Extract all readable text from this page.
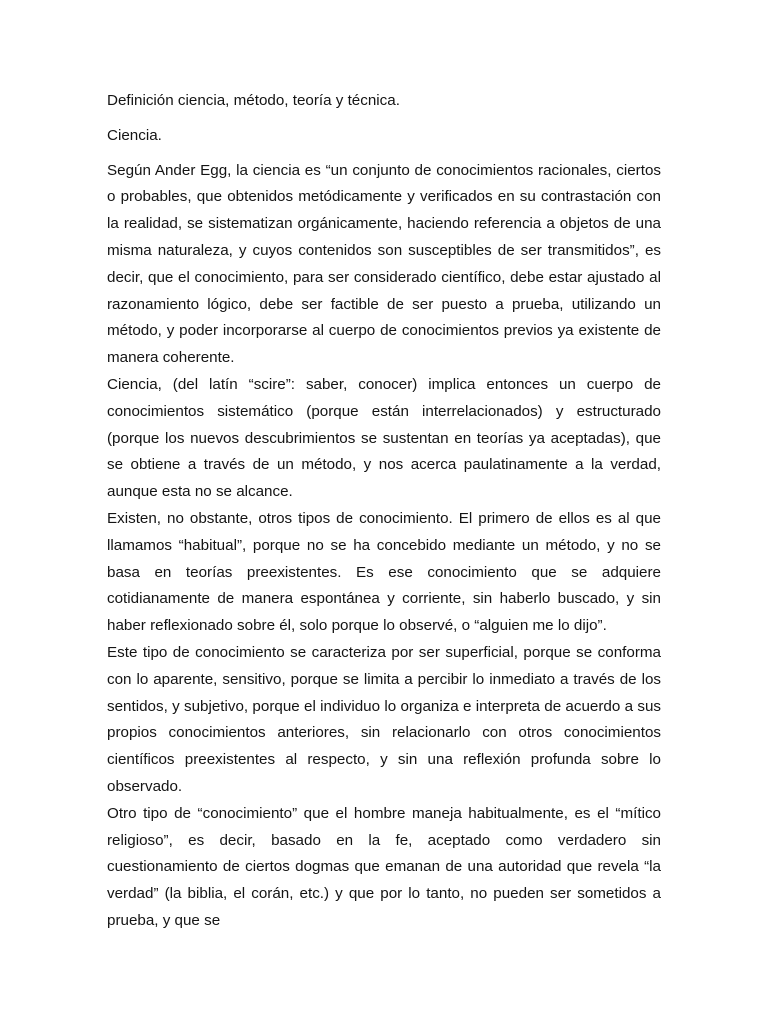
Definición ciencia, método, teoría y técnica.

Ciencia.

Según Ander Egg, la ciencia es “un conjunto de conocimientos racionales, ciertos o probables, que obtenidos metódicamente y verificados en su contrastación con la realidad, se sistematizan orgánicamente, haciendo referencia a objetos de una misma naturaleza, y cuyos contenidos son susceptibles de ser transmitidos”, es decir, que el conocimiento, para ser considerado científico, debe estar ajustado al razonamiento lógico, debe ser factible de ser puesto a prueba, utilizando un método, y poder incorporarse al cuerpo de conocimientos previos ya existente de manera coherente.

Ciencia, (del latín “scire”: saber, conocer) implica entonces un cuerpo de conocimientos sistemático (porque están interrelacionados) y estructurado (porque los nuevos descubrimientos se sustentan en teorías ya aceptadas), que se obtiene a través de un método, y nos acerca paulatinamente a la verdad, aunque esta no se alcance.

Existen, no obstante, otros tipos de conocimiento. El primero de ellos es al que llamamos “habitual”, porque no se ha concebido mediante un método, y no se basa en teorías preexistentes. Es ese conocimiento que se adquiere cotidianamente de manera espontánea y corriente, sin haberlo buscado, y sin haber reflexionado sobre él, solo porque lo observé, o “alguien me lo dijo”.

Este tipo de conocimiento se caracteriza por ser superficial, porque se conforma con lo aparente, sensitivo, porque se limita a percibir lo inmediato a través de los sentidos, y subjetivo, porque el individuo lo organiza e interpreta de acuerdo a sus propios conocimientos anteriores, sin relacionarlo con otros conocimientos científicos preexistentes al respecto, y sin una reflexión profunda sobre lo observado.

Otro tipo de “conocimiento” que el hombre maneja habitualmente, es el “mítico religioso”, es decir, basado en la fe, aceptado como verdadero sin cuestionamiento de ciertos dogmas que emanan de una autoridad que revela “la verdad” (la biblia, el corán, etc.) y que por lo tanto, no pueden ser sometidos a prueba, y que se
